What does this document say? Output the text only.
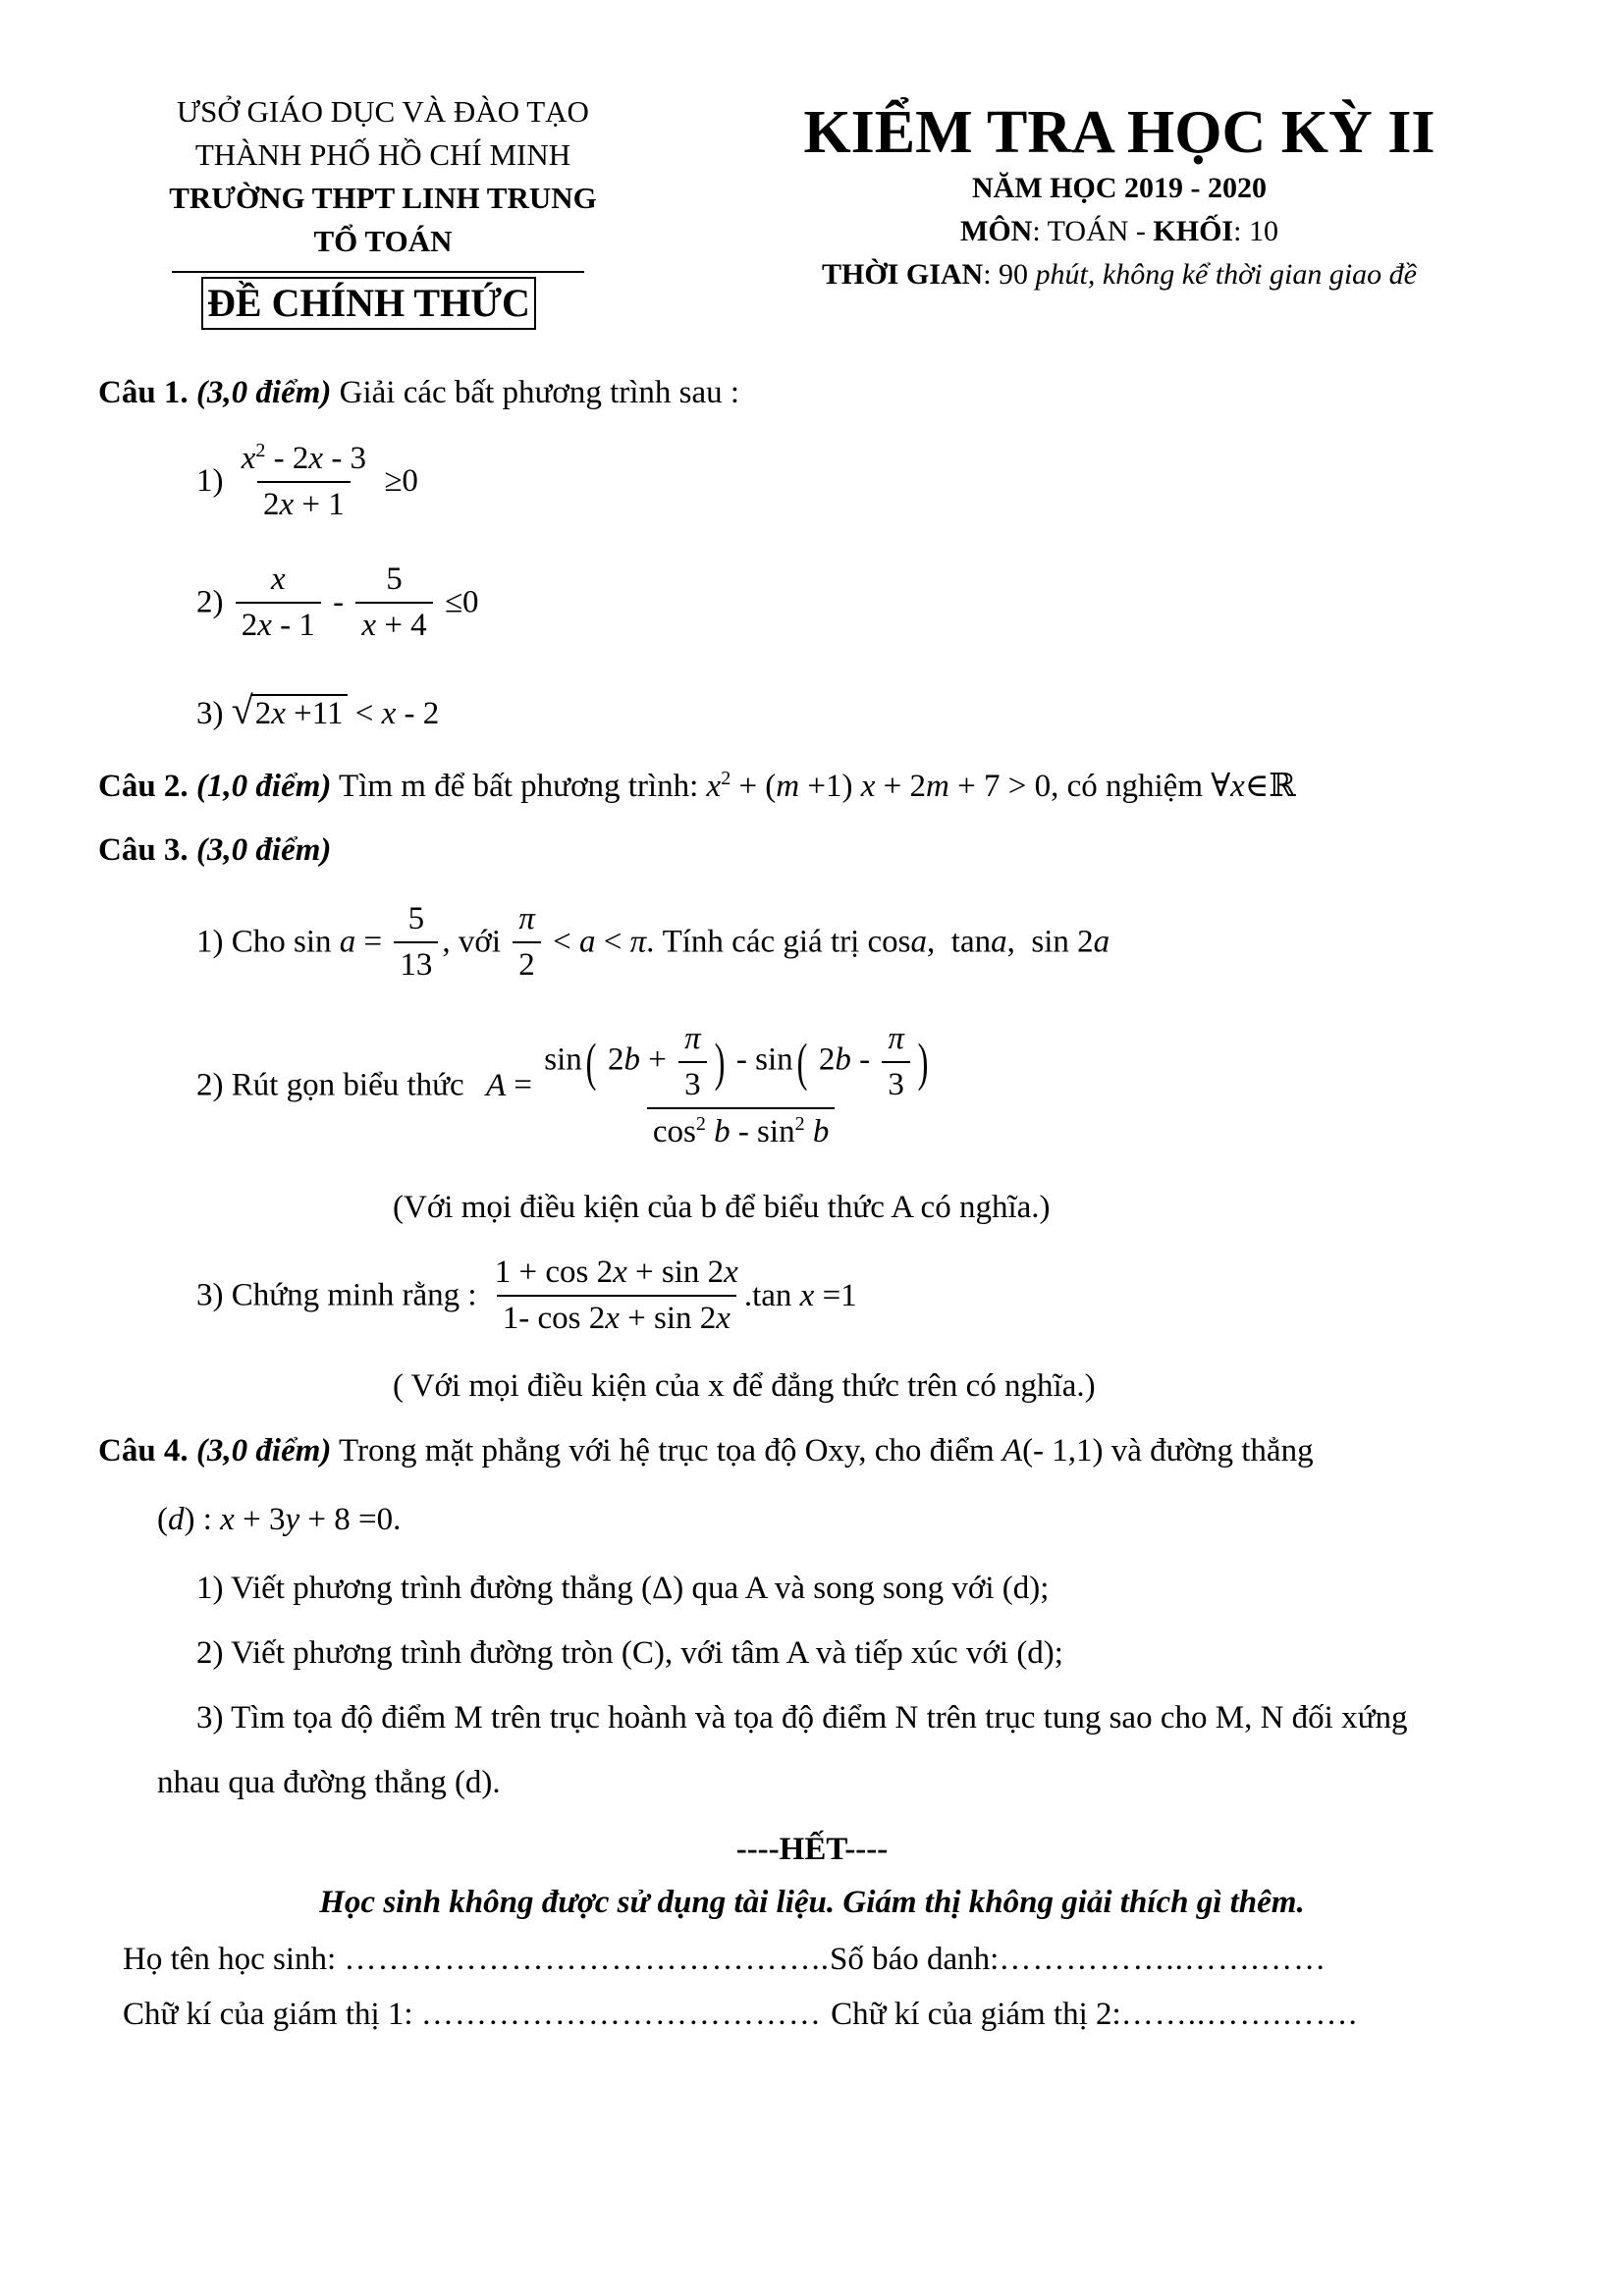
ƯSỞ GIÁO DỤC VÀ ĐÀO TẠO
THÀNH PHỐ HỒ CHÍ MINH
TRƯỜNG THPT LINH TRUNG
TỔ TOÁN
ĐỀ CHÍNH THỨC
KIỂM TRA HỌC KỲ II
NĂM HỌC 2019 - 2020
MÔN: TOÁN - KHỐI: 10
THỜI GIAN: 90 phút, không kể thời gian giao đề
Câu 1. (3,0 điểm) Giải các bất phương trình sau :
$1) \frac{x^2 - 2x - 3}{2x + 1} \ge 0$
$2) \frac{x}{2x - 1} - \frac{5}{x + 4} \le 0$
3) √2x +11 < x - 2
Câu 2. (1,0 điểm) Tìm m để bất phương trình: $x^2 + (m +1) x + 2m + 7 > 0$, có nghiệm ∀x∈ℝ
Câu 3. (3,0 điểm)
1) Cho $\sin a = \frac{5}{13}$ , với $\frac{\pi}{2} < a < \pi$. Tính các giá trị cosa,  tana,  sin 2a
2) Rút gọn biểu thức $A = \frac{\sin( 2b + \frac{\pi}{3} ) - \sin( 2b - \frac{\pi}{3} )}{\cos^2 b - \sin^2 b}$
(Với mọi điều kiện của b để biểu thức A có nghĩa.)
3) Chứng minh rằng : $\frac{1 + \cos 2x + \sin 2x}{1- \cos 2x + \sin 2x} .\tan$ x =1
( Với mọi điều kiện của x để đẳng thức trên có nghĩa.)
Câu 4. (3,0 điểm) Trong mặt phẳng với hệ trục tọa độ Oxy, cho điểm A(- 1,1) và đường thẳng
(d) : x + 3y + 8 =0.
1) Viết phương trình đường thẳng (Δ) qua A và song song với (d);
2) Viết phương trình đường tròn (C), với tâm A và tiếp xúc với (d);
3) Tìm tọa độ điểm M trên trục hoành và tọa độ điểm N trên trục tung sao cho M, N đối xứng
nhau qua đường thẳng (d).
----HẾT----
Học sinh không được sử dụng tài liệu. Giám thị không giải thích gì thêm.
Họ tên học sinh: ……………………………………..Số báo danh:……………..…….……
Chữ kí của giám thị 1: ……………………………… Chữ kí của giám thị 2:……..…….…….
